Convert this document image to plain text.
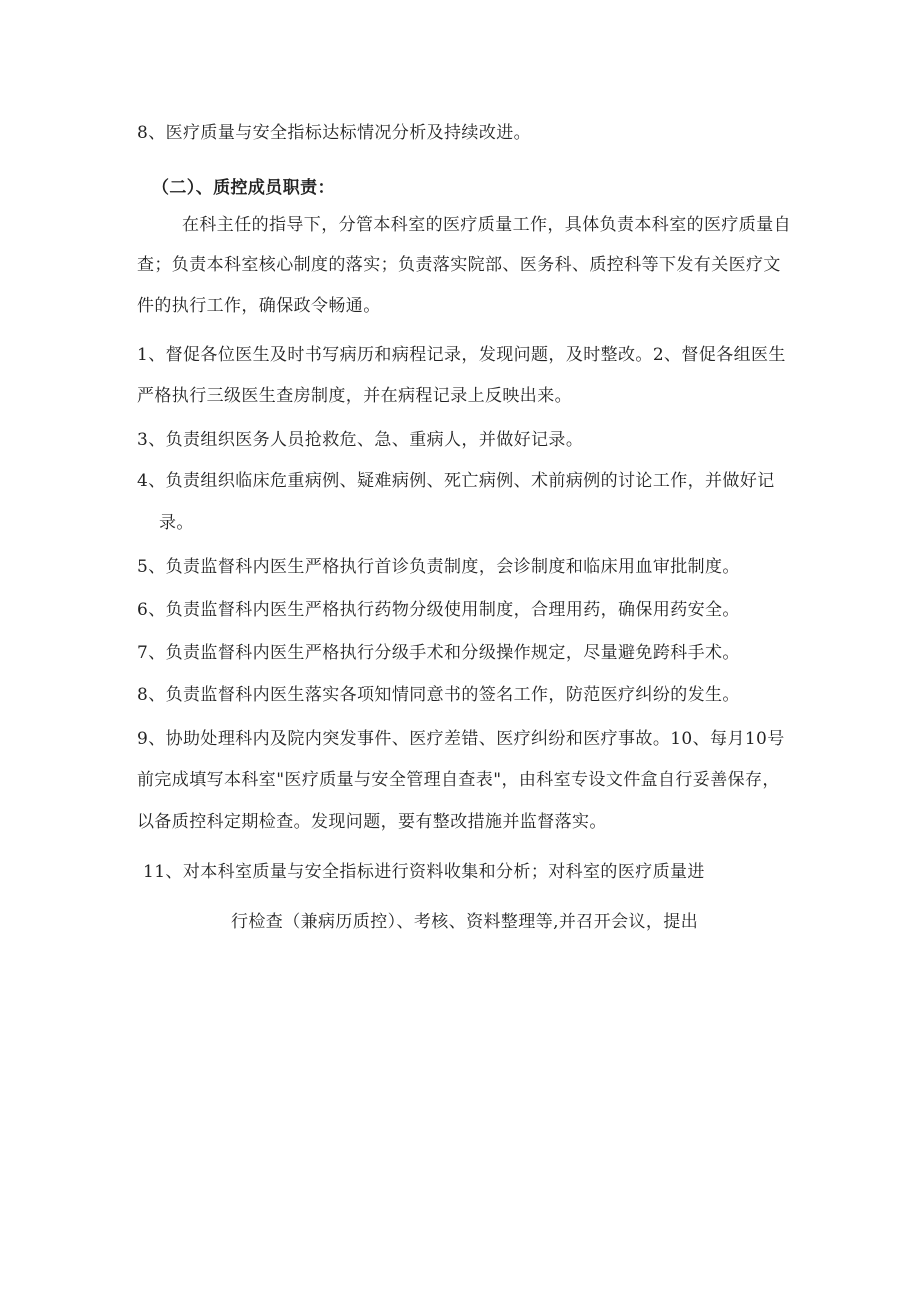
8、医疗质量与安全指标达标情况分析及持续改进。
（二）、质控成员职责：
在科主任的指导下，分管本科室的医疗质量工作，具体负责本科室的医疗质量自
查；负责本科室核心制度的落实；负责落实院部、医务科、质控科等下发有关医疗文
件的执行工作，确保政令畅通。
1、督促各位医生及时书写病历和病程记录，发现问题，及时整改。2、督促各组医生
严格执行三级医生查房制度，并在病程记录上反映出来。
3、负责组织医务人员抢救危、急、重病人，并做好记录。
4、负责组织临床危重病例、疑难病例、死亡病例、术前病例的讨论工作，并做好记
录。
5、负责监督科内医生严格执行首诊负责制度，会诊制度和临床用血审批制度。
6、负责监督科内医生严格执行药物分级使用制度，合理用药，确保用药安全。
7、负责监督科内医生严格执行分级手术和分级操作规定，尽量避免跨科手术。
8、负责监督科内医生落实各项知情同意书的签名工作，防范医疗纠纷的发生。
9、协助处理科内及院内突发事件、医疗差错、医疗纠纷和医疗事故。10、每月10号
前完成填写本科室"医疗质量与安全管理自查表"，由科室专设文件盒自行妥善保存，
以备质控科定期检查。发现问题，要有整改措施并监督落实。
11、对本科室质量与安全指标进行资料收集和分析；对科室的医疗质量进
行检查（兼病历质控）、考核、资料整理等,并召开会议，提出
